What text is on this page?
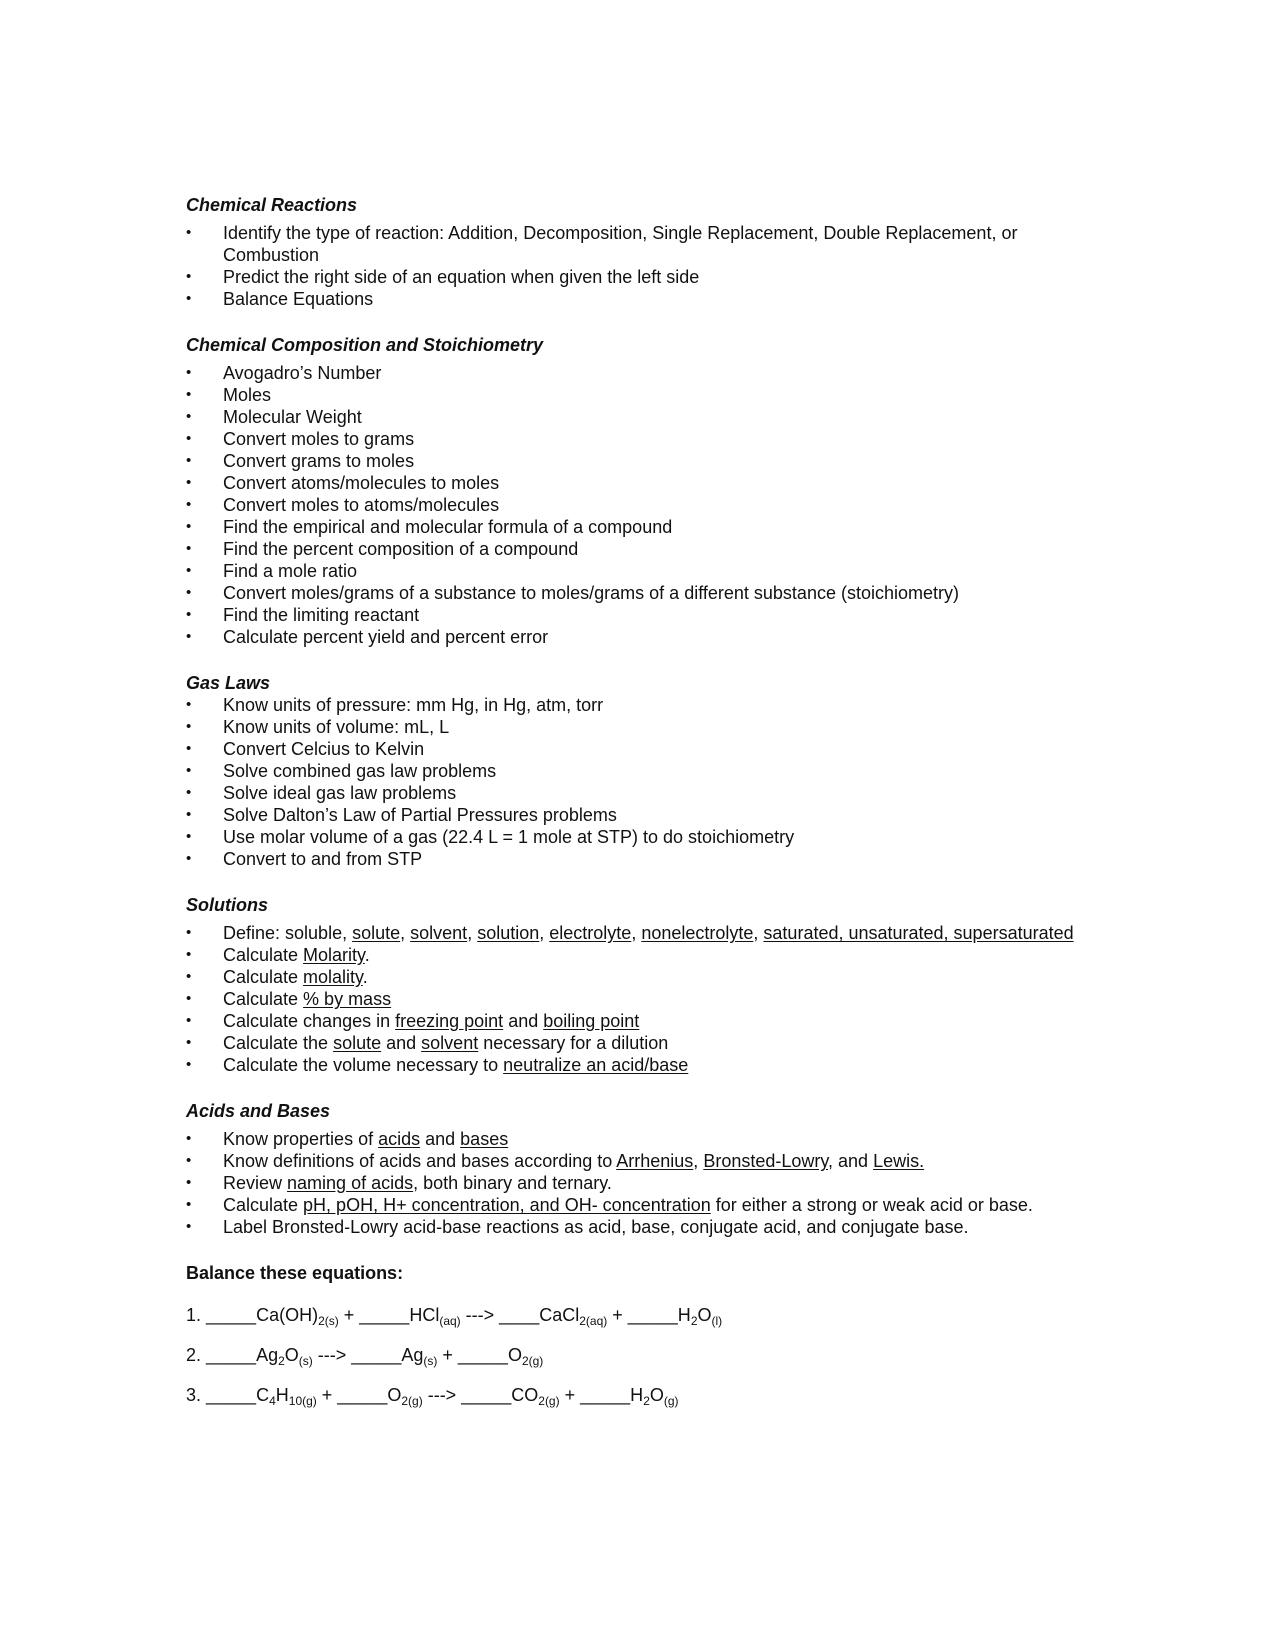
Chemical Reactions
• Identify the type of reaction: Addition, Decomposition, Single Replacement, Double Replacement, or Combustion
• Predict the right side of an equation when given the left side
• Balance Equations
Chemical Composition and Stoichiometry
• Avogadro’s Number
• Moles
• Molecular Weight
• Convert moles to grams
• Convert grams to moles
• Convert atoms/molecules to moles
• Convert moles to atoms/molecules
• Find the empirical and molecular formula of a compound
• Find the percent composition of a compound
• Find a mole ratio
• Convert moles/grams of a substance to moles/grams of a different substance (stoichiometry)
• Find the limiting reactant
• Calculate percent yield and percent error
Gas Laws
• Know units of pressure: mm Hg, in Hg, atm, torr
• Know units of volume: mL, L
• Convert Celcius to Kelvin
• Solve combined gas law problems
• Solve ideal gas law problems
• Solve Dalton’s Law of Partial Pressures problems
• Use molar volume of a gas (22.4 L = 1 mole at STP) to do stoichiometry
• Convert to and from STP
Solutions
• Define: soluble, solute, solvent, solution, electrolyte, nonelectrolyte, saturated, unsaturated, supersaturated
• Calculate Molarity.
• Calculate molality.
• Calculate % by mass
• Calculate changes in freezing point and boiling point
• Calculate the solute and solvent necessary for a dilution
• Calculate the volume necessary to neutralize an acid/base
Acids and Bases
• Know properties of acids and bases
• Know definitions of acids and bases according to Arrhenius, Bronsted-Lowry, and Lewis.
• Review naming of acids, both binary and ternary.
• Calculate pH, pOH, H+ concentration, and OH- concentration for either a strong or weak acid or base.
• Label Bronsted-Lowry acid-base reactions as acid, base, conjugate acid, and conjugate base.
Balance these equations:
1. $\_\_\_\_\_Ca(OH)_{2(s)}$ + _____HCl$_{(aq)}$ ---> ____CaCl$_{2(aq)}$ + $\_\_\_\_\_H_2O_{(l)}$
2. $\_\_\_\_\_Ag_2O_{(s)}$ ---> $\_\_\_\_\_Ag_{(s)}$ + $\_\_\_\_\_O_{2(g)}$
3. $\_\_\_\_\_C_4H_{10(g)}$ + $\_\_\_\_\_O_{2(g)}$ ---> $\_\_\_\_\_CO_{2(g)}$ + $\_\_\_\_\_H_2O_{(g)}$
